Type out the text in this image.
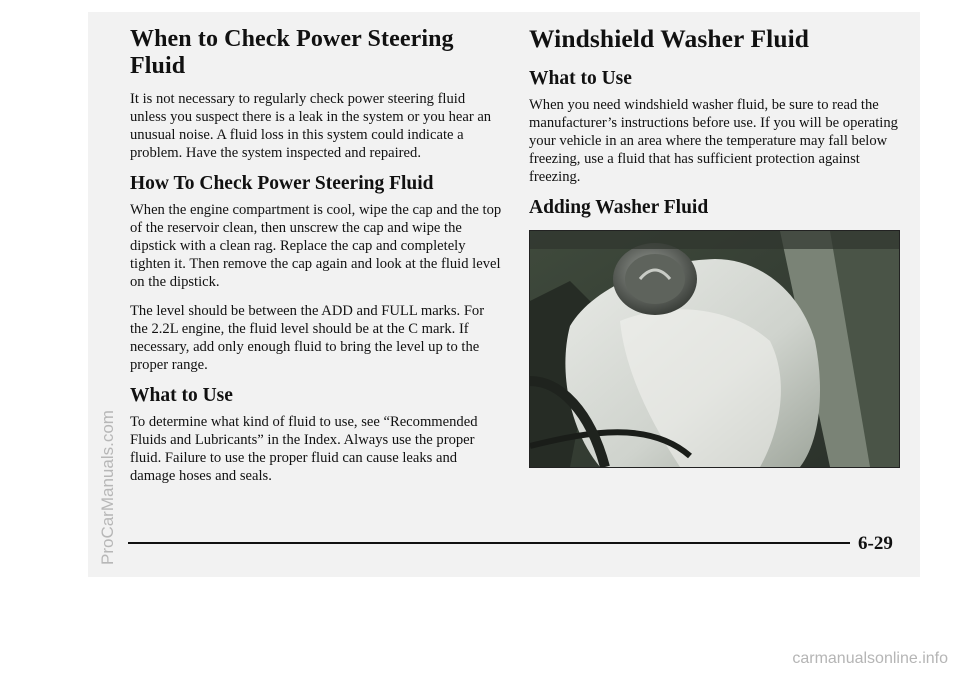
When to Check Power Steering Fluid

It is not necessary to regularly check power steering fluid unless you suspect there is a leak in the system or you hear an unusual noise. A fluid loss in this system could indicate a problem. Have the system inspected and repaired.

How To Check Power Steering Fluid

When the engine compartment is cool, wipe the cap and the top of the reservoir clean, then unscrew the cap and wipe the dipstick with a clean rag. Replace the cap and completely tighten it. Then remove the cap again and look at the fluid level on the dipstick.

The level should be between the ADD and FULL marks. For the 2.2L engine, the fluid level should be at the C mark. If necessary, add only enough fluid to bring the level up to the proper range.

What to Use

To determine what kind of fluid to use, see “Recommended Fluids and Lubricants” in the Index. Always use the proper fluid. Failure to use the proper fluid can cause leaks and damage hoses and seals.

Windshield Washer Fluid
What to Use

When you need windshield washer fluid, be sure to read the manufacturer’s instructions before use. If you will be operating your vehicle in an area where the temperature may fall below freezing, use a fluid that has sufficient protection against freezing.

Adding Washer Fluid
6-29
carmanualsonline.info
